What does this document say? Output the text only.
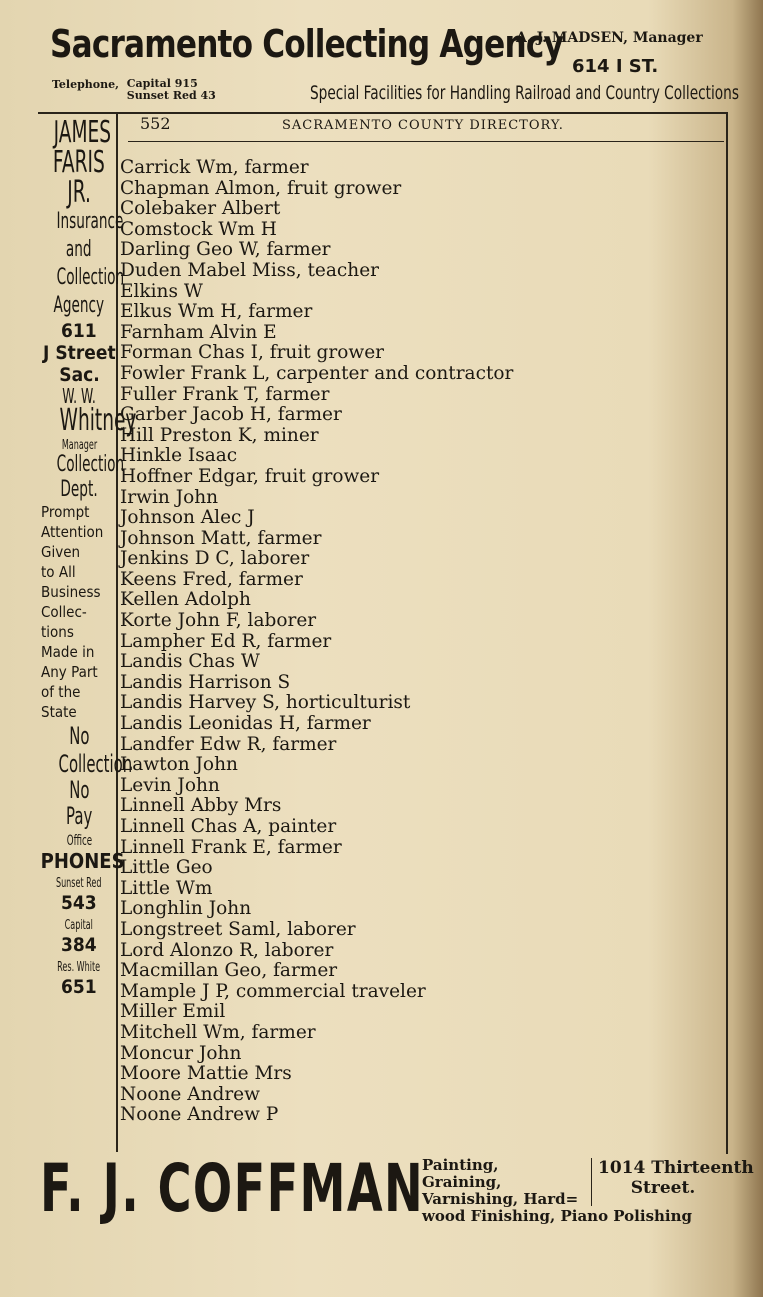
Sacramento Collecting Agency
Telephone, Capital 915
Sunset Red 43
A. J. MADSEN, Manager
614 I ST.
Special Facilities for Handling Railroad and Country Collections
552	SACRAMENTO COUNTY DIRECTORY.
JAMES
FARIS
JR.
Insurance
and
Collection
Agency
611
J Street
Sac.
W. W.
Whitney
Manager
Collection
Dept.
Prompt
Attention
Given
to All
Business
Collec-
tions
Made in
Any Part
of the
State
No
Collection
No
Pay
Office
PHONES
Sunset Red
543
Capital
384
Res. White
651
Carrick Wm, farmer
Chapman Almon, fruit grower
Colebaker Albert
Comstock Wm H
Darling Geo W, farmer
Duden Mabel Miss, teacher
Elkins W
Elkus Wm H, farmer
Farnham Alvin E
Forman Chas I, fruit grower
Fowler Frank L, carpenter and contractor
Fuller Frank T, farmer
Garber Jacob H, farmer
Hill Preston K, miner
Hinkle Isaac
Hoffner Edgar, fruit grower
Irwin John
Johnson Alec J
Johnson Matt, farmer
Jenkins D C, laborer
Keens Fred, farmer
Kellen Adolph
Korte John F, laborer
Lampher Ed R, farmer
Landis Chas W
Landis Harrison S
Landis Harvey S, horticulturist
Landis Leonidas H, farmer
Landfer Edw R, farmer
Lawton John
Levin John
Linnell Abby Mrs
Linnell Chas A, painter
Linnell Frank E, farmer
Little Geo
Little Wm
Longhlin John
Longstreet Saml, laborer
Lord Alonzo R, laborer
Macmillan Geo, farmer
Mample J P, commercial traveler
Miller Emil
Mitchell Wm, farmer
Moncur John
Moore Mattie Mrs
Noone Andrew
Noone Andrew P
F. J. COFFMAN
Painting,
Graining,
Varnishing, Hard=
wood Finishing, Piano Polishing
1014 Thirteenth
Street.
